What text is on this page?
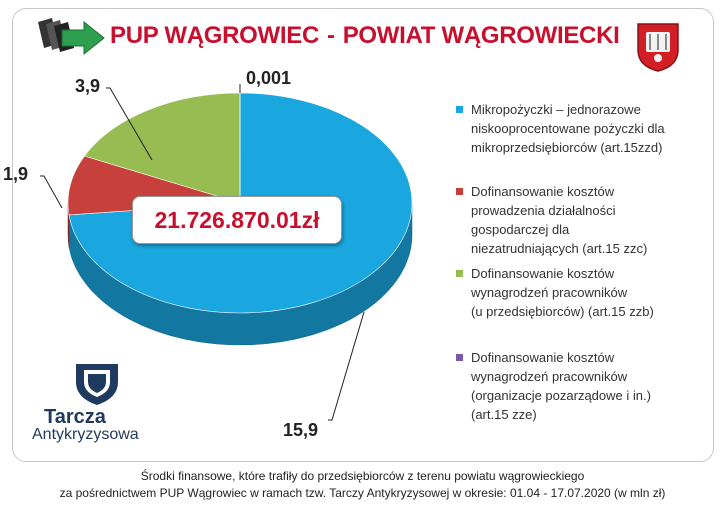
PUP WĄGROWIEC - POWIAT WĄGROWIECKI
15,9
1,9
3,9	0,001
21.726.870.01zł
Mikropożyczki – jednorazowe
niskooprocentowane pożyczki dla
mikroprzedsiębiorców (art.15zzd)
Dofinansowanie kosztów
prowadzenia działalności
gospodarczej dla
niezatrudniających (art.15 zzc)
Dofinansowanie kosztów
wynagrodzeń pracowników
(u przedsiębiorców) (art.15 zzb)
Dofinansowanie kosztów
wynagrodzeń pracowników
(organizacje pozarządowe i in.)
(art.15 zze)
Tarcza
Antykryzysowa
Środki finansowe, które trafiły do przedsiębiorców z terenu powiatu wągrowieckiego
za pośrednictwem PUP Wągrowiec w ramach tzw. Tarczy Antykryzysowej w okresie: 01.04 - 17.07.2020 (w mln zł)
